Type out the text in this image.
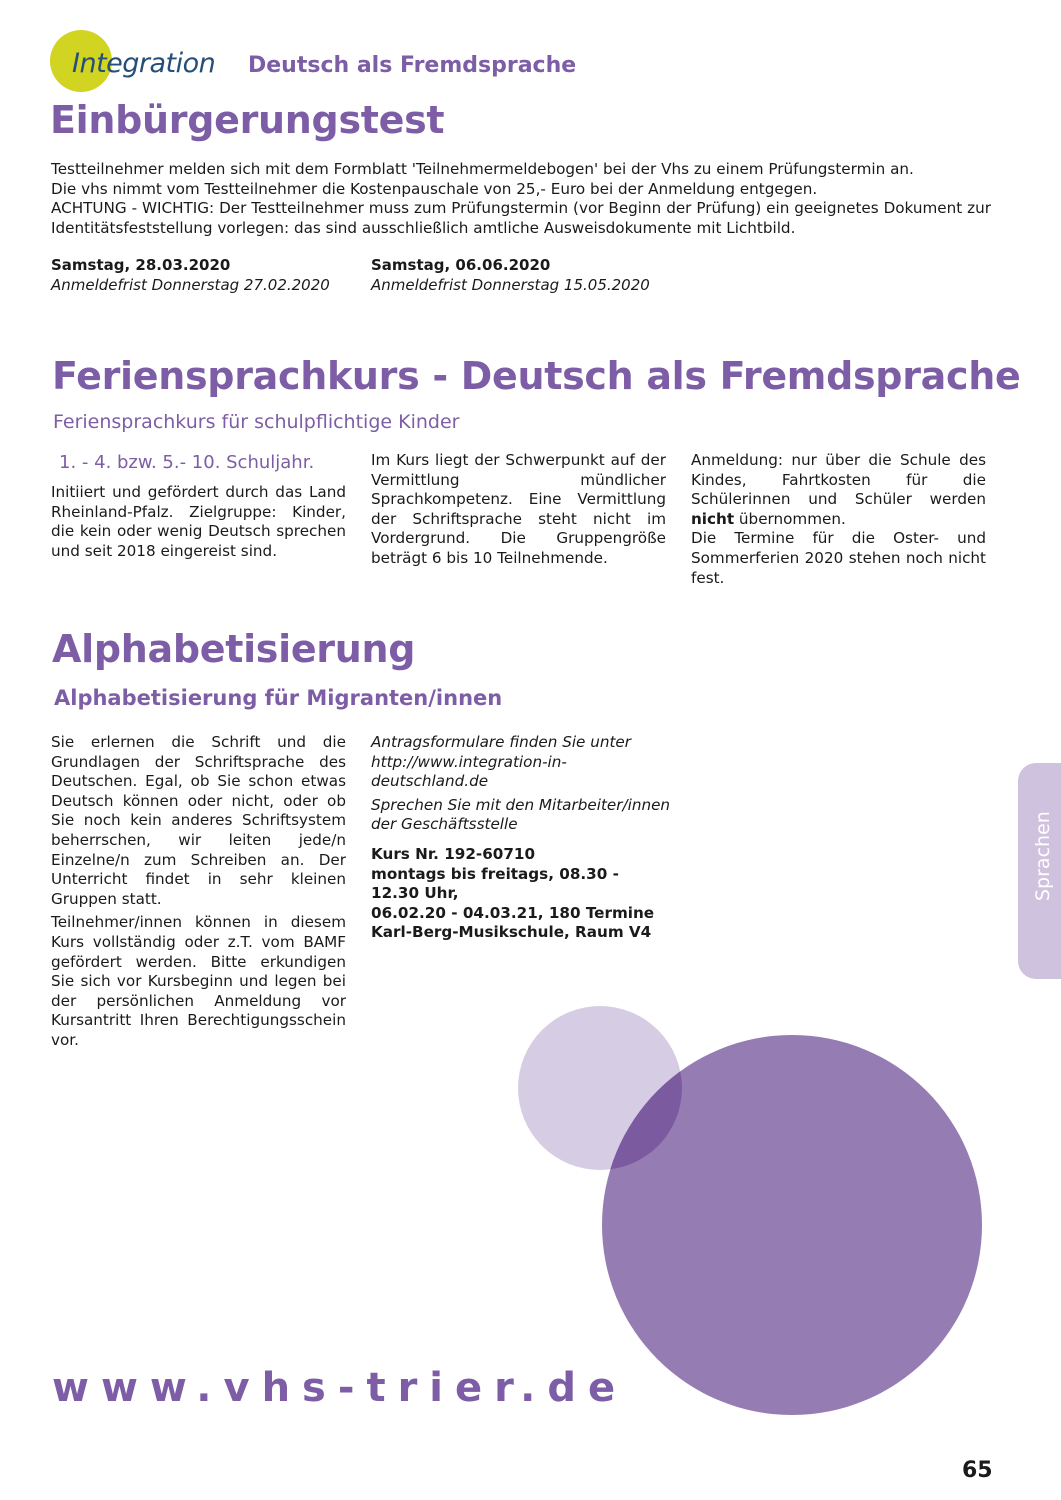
Integration Deutsch als Fremdsprache
Einbürgerungstest

Testteilnehmer melden sich mit dem Formblatt 'Teilnehmermeldebogen' bei der Vhs zu einem Prüfungstermin an.

Die vhs nimmt vom Testteilnehmer die Kostenpauschale von 25,- Euro bei der Anmeldung entgegen.

ACHTUNG - WICHTIG: Der Testteilnehmer muss zum Prüfungstermin (vor Beginn der Prüfung) ein geeignetes Dokument zur Identitätsfeststellung vorlegen: das sind ausschließlich amtliche Ausweisdokumente mit Lichtbild.

Samstag, 28.03.2020
Anmeldefrist Donnerstag 27.02.2020
Samstag, 06.06.2020
Anmeldefrist Donnerstag 15.05.2020
Feriensprachkurs - Deutsch als Fremdsprache
Feriensprachkurs für schulpflichtige Kinder
1. - 4. bzw. 5.- 10. Schuljahr.
Initiiert und gefördert durch das Land Rheinland-Pfalz. Zielgruppe: Kinder, die kein oder wenig Deutsch sprechen und seit 2018 eingereist sind.
Im Kurs liegt der Schwerpunkt auf der Vermittlung mündlicher Sprachkompetenz. Eine Vermittlung der Schriftsprache steht nicht im Vordergrund. Die Gruppengröße beträgt 6 bis 10 Teilnehmende.
Anmeldung: nur über die Schule des Kindes, Fahrtkosten für die Schülerinnen und Schüler werden nicht übernommen.

Die Termine für die Oster- und Sommerferien 2020 stehen noch nicht fest.

Alphabetisierung
Alphabetisierung für Migranten/innen

Sie erlernen die Schrift und die Grundlagen der Schriftsprache des Deutschen. Egal, ob Sie schon etwas Deutsch können oder nicht, oder ob Sie noch kein anderes Schriftsystem beherrschen, wir leiten jede/n Einzelne/n zum Schreiben an. Der Unterricht findet in sehr kleinen Gruppen statt.

Teilnehmer/innen können in diesem Kurs vollständig oder z.T. vom BAMF gefördert werden. Bitte erkundigen Sie sich vor Kursbeginn und legen bei der persönlichen Anmeldung vor Kursantritt Ihren Berechtigungsschein vor.

Antragsformulare finden Sie unter http://www.integration-in-deutschland.de

Sprechen Sie mit den Mitarbeiter/innen der Geschäftsstelle

Kurs Nr. 192-60710

montags bis freitags, 08.30 - 12.30 Uhr,

06.02.20 - 04.03.21, 180 Termine

Karl-Berg-Musikschule, Raum V4

Sprachen
www.vhs-trier.de
65
